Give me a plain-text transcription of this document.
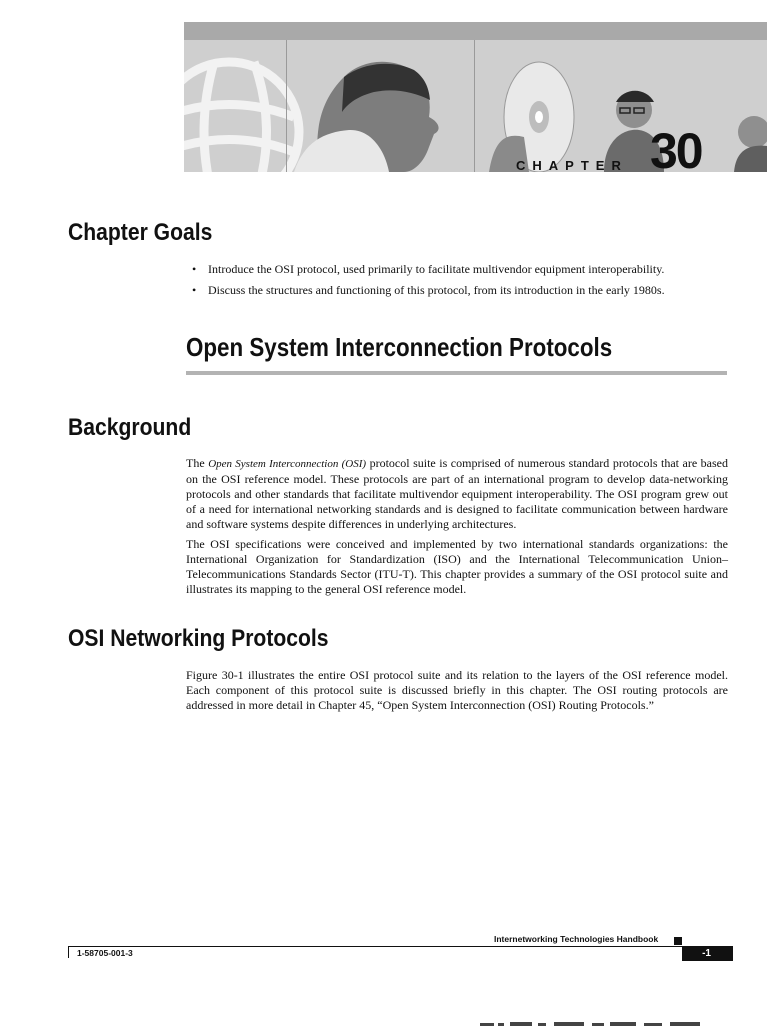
CHAPTER 30
Chapter Goals
• Introduce the OSI protocol, used primarily to facilitate multivendor equipment interoperability.
• Discuss the structures and functioning of this protocol, from its introduction in the early 1980s.
Open System Interconnection Protocols
Background

The Open System Interconnection (OSI) protocol suite is comprised of numerous standard protocols that are based on the OSI reference model. These protocols are part of an international program to develop data-networking protocols and other standards that facilitate multivendor equipment interoperability. The OSI program grew out of a need for international networking standards and is designed to facilitate communication between hardware and software systems despite differences in underlying architectures.

The OSI specifications were conceived and implemented by two international standards organizations: the International Organization for Standardization (ISO) and the International Telecommunication Union–Telecommunications Standards Sector (ITU-T). This chapter provides a summary of the OSI protocol suite and illustrates its mapping to the general OSI reference model.

OSI Networking Protocols

Figure 30-1 illustrates the entire OSI protocol suite and its relation to the layers of the OSI reference model. Each component of this protocol suite is discussed briefly in this chapter. The OSI routing protocols are addressed in more detail in Chapter 45, “Open System Interconnection (OSI) Routing Protocols.”

Internetworking Technologies Handbook
1-58705-001-3	-1
